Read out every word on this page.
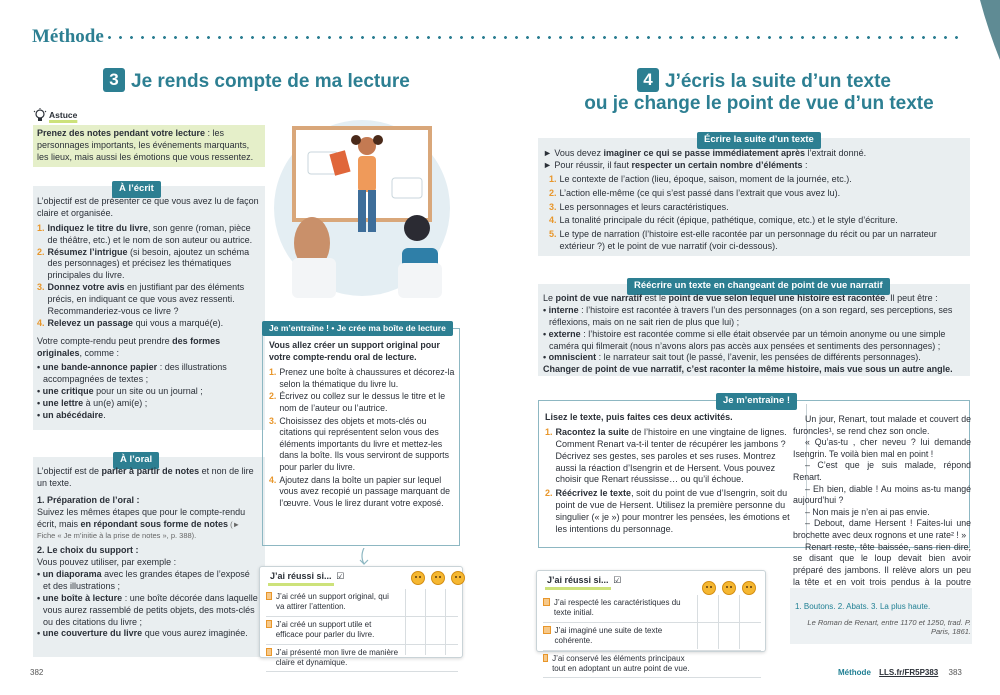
Méthode
3 Je rends compte de ma lecture
Astuce
Prenez des notes pendant votre lecture : les personnages importants, les événements marquants, les lieux, mais aussi les émotions que vous ressentez.
À l’écrit
L’objectif est de présenter ce que vous avez lu de façon claire et organisée.
1. Indiquez le titre du livre, son genre (roman, pièce de théâtre, etc.) et le nom de son auteur ou autrice.
2. Résumez l’intrigue (si besoin, ajoutez un schéma des personnages) et précisez les thématiques principales du livre.
3. Donnez votre avis en justifiant par des éléments précis, en indiquant ce que vous avez ressenti. Recommanderiez-vous ce livre ?
4. Relevez un passage qui vous a marqué(e).
Votre compte-rendu peut prendre des formes originales, comme :
• une bande-annonce papier : des illustrations accompagnées de textes ;
• une critique pour un site ou un journal ;
• une lettre à un(e) ami(e) ;
• un abécédaire.
À l’oral
L’objectif est de parler à partir de notes et non de lire un texte.
1. Préparation de l’oral :
Suivez les mêmes étapes que pour le compte-rendu écrit, mais en répondant sous forme de notes (► Fiche « Je m’initie à la prise de notes », p. 388).
2. Le choix du support :
Vous pouvez utiliser, par exemple :
• un diaporama avec les grandes étapes de l’exposé et des illustrations ;
• une boîte à lecture : une boîte décorée dans laquelle vous aurez rassemblé de petits objets, des mots-clés ou des citations du livre ;
• une couverture du livre que vous aurez imaginée.
Je m’entraîne ! • Je crée ma boîte de lecture
Vous allez créer un support original pour votre compte-rendu oral de lecture.
1. Prenez une boîte à chaussures et décorez-la selon la thématique du livre lu.
2. Écrivez ou collez sur le dessus le titre et le nom de l’auteur ou l’autrice.
3. Choisissez des objets et mots-clés ou citations qui représentent selon vous des éléments importants du livre et mettez-les dans la boîte. Ils vous serviront de supports pour parler du livre.
4. Ajoutez dans la boîte un papier sur lequel vous avez recopié un passage marquant de l’œuvre. Vous le lirez durant votre exposé.
J’ai réussi si... ☑
J’ai créé un support original, qui va attirer l’attention.
J’ai créé un support utile et efficace pour parler du livre.
J’ai présenté mon livre de manière claire et dynamique.
382
4 J’écris la suite d’un texte
ou je change le point de vue d’un texte
Écrire la suite d’un texte
► Vous devez imaginer ce qui se passe immédiatement après l’extrait donné.
► Pour réussir, il faut respecter un certain nombre d’éléments :
1. Le contexte de l’action (lieu, époque, saison, moment de la journée, etc.).
2. L’action elle-même (ce qui s’est passé dans l’extrait que vous avez lu).
3. Les personnages et leurs caractéristiques.
4. La tonalité principale du récit (épique, pathétique, comique, etc.) et le style d’écriture.
5. Le type de narration (l’histoire est-elle racontée par un personnage du récit ou par un narrateur extérieur ?) et le point de vue narratif (voir ci-dessous).
Réécrire un texte en changeant de point de vue narratif
Le point de vue narratif est le point de vue selon lequel une histoire est racontée. Il peut être :
• interne : l’histoire est racontée à travers l’un des personnages (on a son regard, ses perceptions, ses réflexions, mais on ne sait rien de plus que lui) ;
• externe : l’histoire est racontée comme si elle était observée par un témoin anonyme ou une simple caméra qui filmerait (nous n’avons alors pas accès aux pensées et sentiments des personnages) ;
• omniscient : le narrateur sait tout (le passé, l’avenir, les pensées de différents personnages).
Changer de point de vue narratif, c’est raconter la même histoire, mais vue sous un autre angle.
Je m’entraîne !
Lisez le texte, puis faites ces deux activités.
1. Racontez la suite de l’histoire en une vingtaine de lignes. Comment Renart va-t-il tenter de récupérer les jambons ? Décrivez ses gestes, ses paroles et ses ruses. Montrez aussi la réaction d’Isengrin et de Hersent. Vous pouvez choisir que Renart réussisse… ou qu’il échoue.
2. Réécrivez le texte, soit du point de vue d’Isengrin, soit du point de vue de Hersent. Utilisez la première personne du singulier (« je ») pour montrer les pensées, les émotions et les intentions du personnage.
Un jour, Renart, tout malade et couvert de furoncles¹, se rend chez son oncle.
« Qu’as-tu , cher neveu ? lui demande Isengrin. Te voilà bien mal en point !
– C’est que je suis malade, répond Renart.
– Eh bien, diable ! Au moins as-tu mangé aujourd’hui ?
– Non mais je n’en ai pas envie.
– Debout, dame Hersent ! Faites-lui une brochette avec deux rognons et une rate² ! »
Renart reste, tête baissée, sans rien dire, se disant que le loup devait bien avoir préparé des jambons. Il relève alors un peu la tête et en voit trois pendus à la poutre
1. Boutons. 2. Abats. 3. La plus haute.
Le Roman de Renart, entre 1170 et 1250, trad. P. Paris, 1861.
J’ai réussi si... ☑
J’ai respecté les caractéristiques du texte initial.
J’ai imaginé une suite de texte cohérente.
J’ai conservé les éléments principaux tout en adoptant un autre point de vue.	Méthode LLS.fr/FR5P383 383
